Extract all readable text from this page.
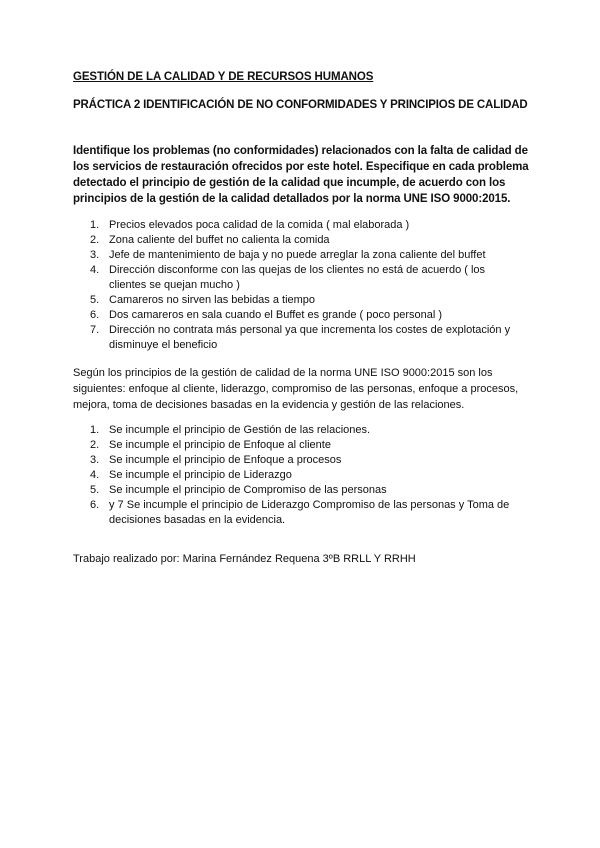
GESTIÓN DE LA CALIDAD Y DE RECURSOS HUMANOS
PRÁCTICA 2 IDENTIFICACIÓN DE NO CONFORMIDADES Y PRINCIPIOS DE CALIDAD
Identifique los problemas (no conformidades) relacionados con la falta de calidad de
los servicios de restauración ofrecidos por este hotel. Especifique en cada problema
detectado el principio de gestión de la calidad que incumple, de acuerdo con los
principios de la gestión de la calidad detallados por la norma UNE ISO 9000:2015.
1. Precios elevados poca calidad de la comida ( mal elaborada )
2. Zona caliente del buffet no calienta la comida
3. Jefe de mantenimiento de baja y no puede arreglar la zona caliente del buffet
4. Dirección disconforme con las quejas de los clientes no está de acuerdo ( los
clientes se quejan mucho )
5. Camareros no sirven las bebidas a tiempo
6. Dos camareros en sala cuando el Buffet es grande ( poco personal )
7. Dirección no contrata más personal ya que incrementa los costes de explotación y
disminuye el beneficio
Según los principios de la gestión de calidad de la norma UNE ISO 9000:2015 son los
siguientes: enfoque al cliente, liderazgo, compromiso de las personas, enfoque a procesos,
mejora, toma de decisiones basadas en la evidencia y gestión de las relaciones.
1. Se incumple el principio de Gestión de las relaciones.
2. Se incumple el principio de Enfoque al cliente
3. Se incumple el principio de Enfoque a procesos
4. Se incumple el principio de Liderazgo
5. Se incumple el principio de Compromiso de las personas
6. y 7 Se incumple el principio de Liderazgo Compromiso de las personas y Toma de
decisiones basadas en la evidencia.
Trabajo realizado por: Marina Fernández Requena 3ºB RRLL Y RRHH
